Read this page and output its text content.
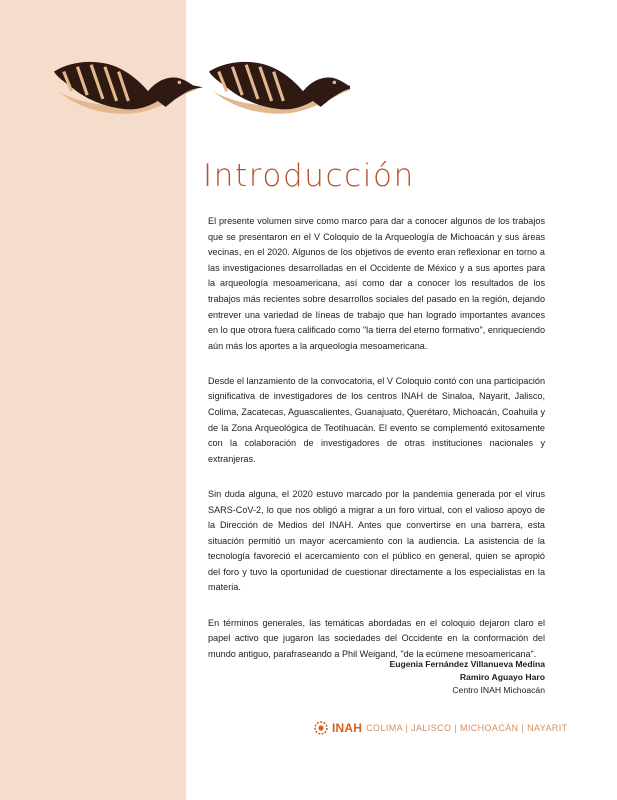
Introducción

El presente volumen sirve como marco para dar a conocer algunos de los trabajos que se presentaron en el V Coloquio de la Arqueología de Michoacán y sus áreas vecinas, en el 2020. Algunos de los objetivos de evento eran reflexionar en torno a las investigaciones desarrolladas en el Occidente de México y a sus aportes para la arqueología mesoamericana, así como dar a conocer los resultados de los trabajos más recientes sobre desarrollos sociales del pasado en la región, dejando entrever una variedad de líneas de trabajo que han logrado importantes avances en lo que otrora fuera calificado como "la tierra del eterno formativo", enriqueciendo aún más los aportes a la arqueología mesoamericana.

Desde el lanzamiento de la convocatoria, el V Coloquio contó con una participación significativa de investigadores de los centros INAH de Sinaloa, Nayarit, Jalisco, Colima, Zacatecas, Aguascalientes, Guanajuato, Querétaro, Michoacán, Coahuila y de la Zona Arqueológica de Teotihuacán. El evento se complementó exitosamente con la colaboración de investigadores de otras instituciones nacionales y extranjeras.

Sin duda alguna, el 2020 estuvo marcado por la pandemia generada por el virus SARS-CoV-2, lo que nos obligó a migrar a un foro virtual, con el valioso apoyo de la Dirección de Medios del INAH. Antes que convertirse en una barrera, esta situación permitió un mayor acercamiento con la audiencia. La asistencia de la tecnología favoreció el acercamiento con el público en general, quien se apropió del foro y tuvo la oportunidad de cuestionar directamente a los especialistas en la materia.

En términos generales, las temáticas abordadas en el coloquio dejaron claro el papel activo que jugaron las sociedades del Occidente en la conformación del mundo antiguo, parafraseando a Phil Weigand, "de la ecúmene mesoamericana".

Eugenia Fernández Villanueva Medina
Ramiro Aguayo Haro
Centro INAH Michoacán
INAH COLIMA | JALISCO | MICHOACÁN | NAYARIT
